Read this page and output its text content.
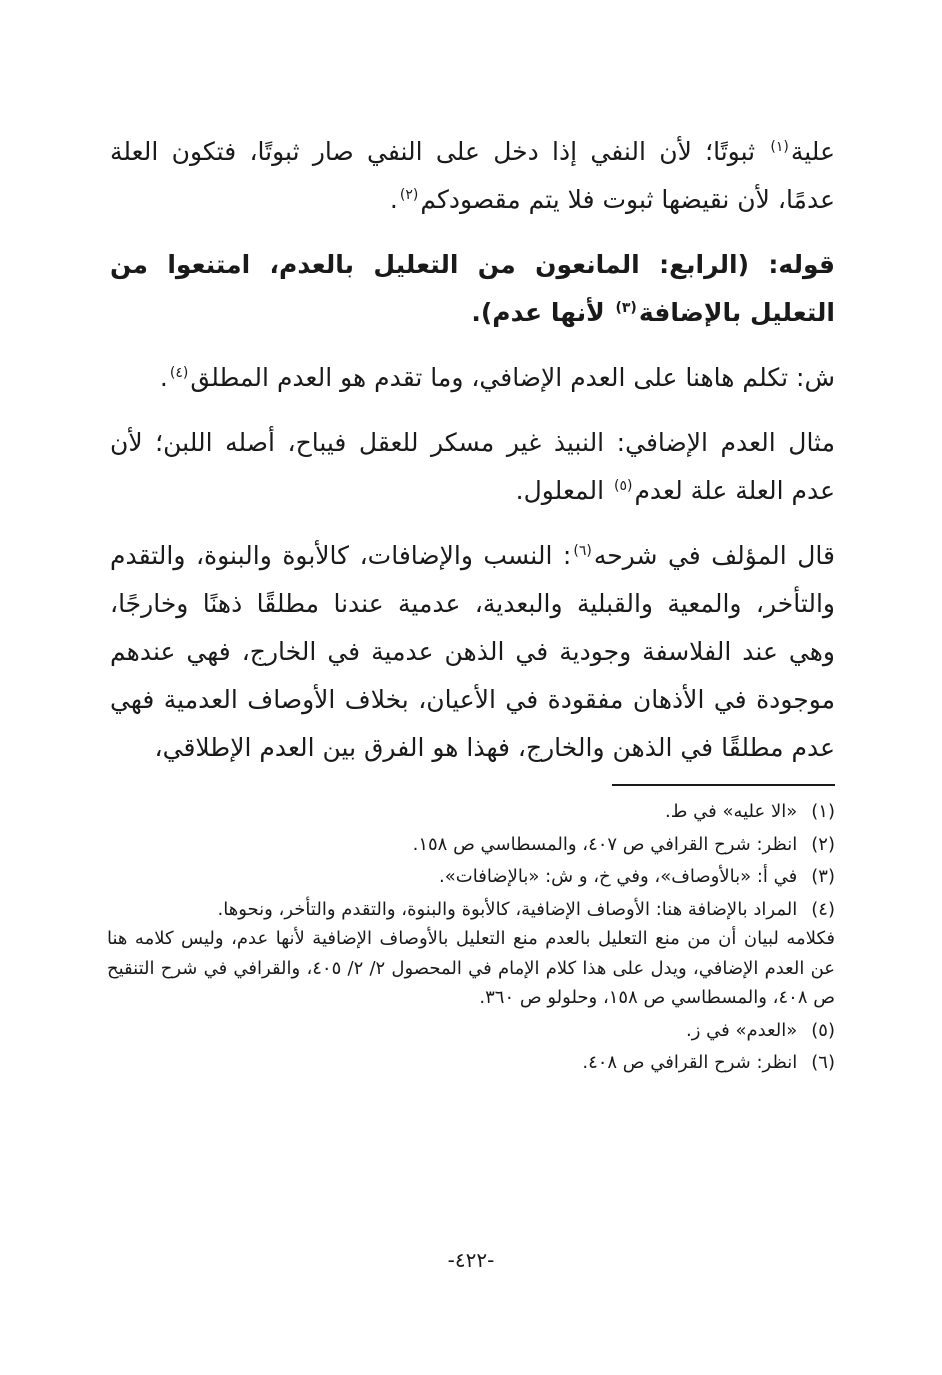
علية$^{(١)}$ ثبوتًا؛ لأن النفي إذا دخل على النفي صار ثبوتًا، فتكون العلة عدمًا، لأن نقيضها ثبوت فلا يتم مقصودكم$^{(٢)}$.

قوله: (الرابع: المانعون من التعليل بالعدم، امتنعوا من التعليل بالإضافة$^{(٣)}$ لأنها عدم).

ش: تكلم هاهنا على العدم الإضافي، وما تقدم هو العدم المطلق$^{(٤)}$.

مثال العدم الإضافي: النبيذ غير مسكر للعقل فيباح، أصله اللبن؛ لأن عدم العلة علة لعدم$^{(٥)}$ المعلول.

قال المؤلف في شرحه$^{(٦)}$: النسب والإضافات، كالأبوة والبنوة، والتقدم والتأخر، والمعية والقبلية والبعدية، عدمية عندنا مطلقًا ذهنًا وخارجًا، وهي عند الفلاسفة وجودية في الذهن عدمية في الخارج، فهي عندهم موجودة في الأذهان مفقودة في الأعيان، بخلاف الأوصاف العدمية فهي عدم مطلقًا في الذهن والخارج، فهذا هو الفرق بين العدم الإطلاقي،

(١) «الا عليه» في ط.
(٢) انظر: شرح القرافي ص ٤٠٧، والمسطاسي ص ١٥٨.
(٣) في أ: «بالأوصاف»، وفي خ، و ش: «بالإضافات».
(٤) المراد بالإضافة هنا: الأوصاف الإضافية، كالأبوة والبنوة، والتقدم والتأخر، ونحوها.
فكلامه لبيان أن من منع التعليل بالعدم منع التعليل بالأوصاف الإضافية لأنها عدم، وليس كلامه هنا عن العدم الإضافي، ويدل على هذا كلام الإمام في المحصول ٢/ ٢/ ٤٠٥، والقرافي في شرح التنقيح ص ٤٠٨، والمسطاسي ص ١٥٨، وحلولو ص ٣٦٠.
(٥) «العدم» في ز.
(٦) انظر: شرح القرافي ص ٤٠٨.
-٤٢٢-
